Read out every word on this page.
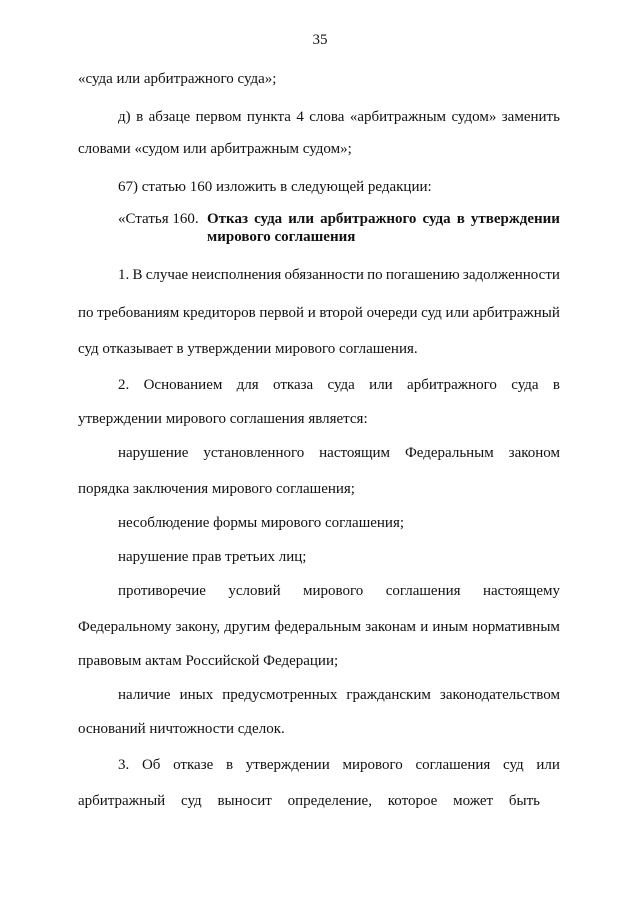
35
«суда или арбитражного суда»;
д) в абзаце первом пункта 4 слова «арбитражным судом» заменить
словами «судом или арбитражным судом»;
67) статью 160 изложить в следующей редакции:
«Статья 160. Отказ суда или арбитражного суда в утверждении
мирового соглашения
1. В случае неисполнения обязанности по погашению задолженности
по требованиям кредиторов первой и второй очереди суд или арбитражный
суд отказывает в утверждении мирового соглашения.
2. Основанием для отказа суда или арбитражного суда в
утверждении мирового соглашения является:
нарушение установленного настоящим Федеральным законом
порядка заключения мирового соглашения;
несоблюдение формы мирового соглашения;
нарушение прав третьих лиц;
противоречие условий мирового соглашения настоящему
Федеральному закону, другим федеральным законам и иным нормативным
правовым актам Российской Федерации;
наличие иных предусмотренных гражданским законодательством
оснований ничтожности сделок.
3. Об отказе в утверждении мирового соглашения суд или
арбитражный суд выносит определение, которое может быть
